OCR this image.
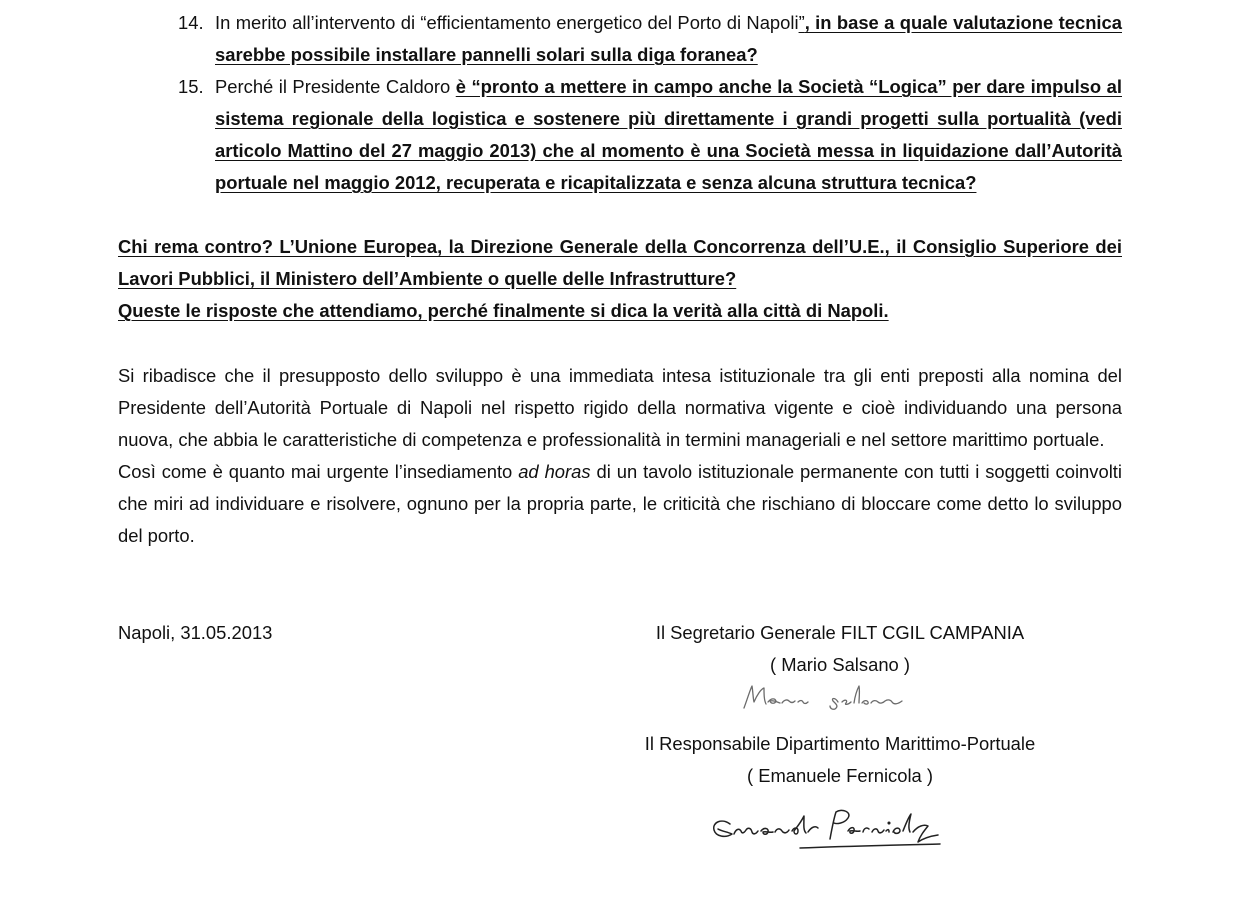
14. In merito all’intervento di “efficientamento energetico del Porto di Napoli”, in base a quale valutazione tecnica sarebbe possibile installare pannelli solari sulla diga foranea?
15. Perché il Presidente Caldoro è “pronto a mettere in campo anche la Società “Logica” per dare impulso al sistema regionale della logistica e sostenere più direttamente i grandi progetti sulla portualità (vedi articolo Mattino del 27 maggio 2013) che al momento è una Società messa in liquidazione dall’Autorità portuale nel maggio 2012, recuperata e ricapitalizzata e senza alcuna struttura tecnica?

Chi rema contro? L’Unione Europea, la Direzione Generale della Concorrenza dell’U.E., il Consiglio Superiore dei Lavori Pubblici, il Ministero dell’Ambiente o quelle delle Infrastrutture?

Queste le risposte che attendiamo, perché finalmente si dica la verità alla città di Napoli.

Si ribadisce che il presupposto dello sviluppo è una immediata intesa istituzionale tra gli enti preposti alla nomina del Presidente dell’Autorità Portuale di Napoli nel rispetto rigido della normativa vigente e cioè individuando una persona nuova, che abbia le caratteristiche di competenza e professionalità in termini manageriali e nel settore marittimo portuale.

Così come è quanto mai urgente l’insediamento ad horas di un tavolo istituzionale permanente con tutti i soggetti coinvolti che miri ad individuare e risolvere, ognuno per la propria parte, le criticità che rischiano di bloccare come detto lo sviluppo del porto.

Napoli, 31.05.2013	Il Segretario Generale FILT CGIL CAMPANIA
( Mario Salsano )
Il Responsabile Dipartimento Marittimo-Portuale
( Emanuele Fernicola )
